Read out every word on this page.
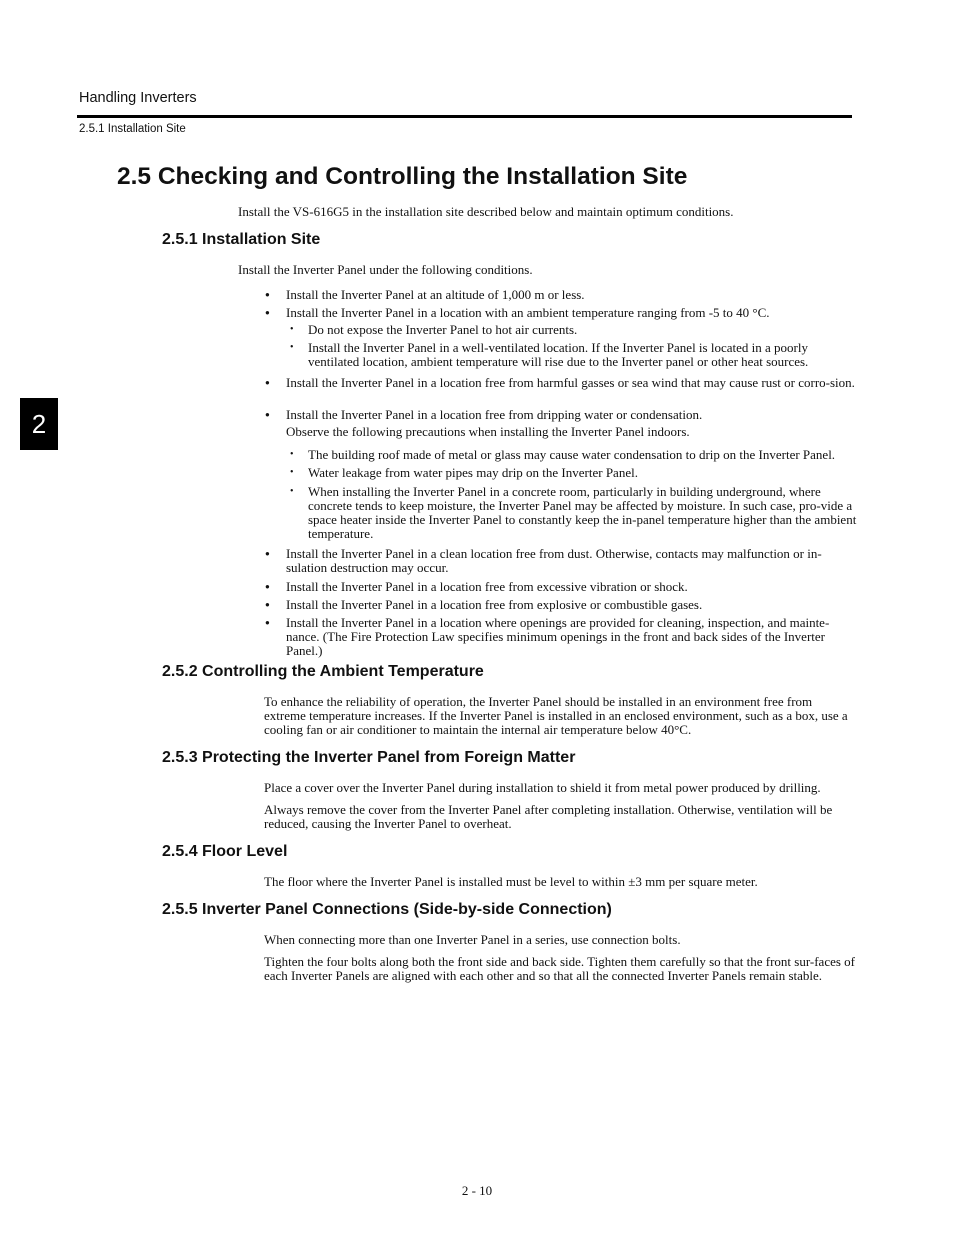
Handling Inverters
2.5.1 Installation Site
2
2.5 Checking and Controlling the Installation Site

Install the VS-616G5 in the installation site described below and maintain optimum conditions.

2.5.1 Installation Site

Install the Inverter Panel under the following conditions.

● Install the Inverter Panel at an altitude of 1,000 m or less.
● Install the Inverter Panel in a location with an ambient temperature ranging from -5 to 40 °C.
• Do not expose the Inverter Panel to hot air currents.
• Install the Inverter Panel in a well-ventilated location. If the Inverter Panel is located in a poorly ventilated location, ambient temperature will rise due to the Inverter panel or other heat sources.
● Install the Inverter Panel in a location free from harmful gasses or sea wind that may cause rust or corro-sion.
● Install the Inverter Panel in a location free from dripping water or condensation.

Observe the following precautions when installing the Inverter Panel indoors.

• The building roof made of metal or glass may cause water condensation to drip on the Inverter Panel.
• Water leakage from water pipes may drip on the Inverter Panel.
• When installing the Inverter Panel in a concrete room, particularly in building underground, where concrete tends to keep moisture, the Inverter Panel may be affected by moisture. In such case, pro-vide a space heater inside the Inverter Panel to constantly keep the in-panel temperature higher than the ambient temperature.
● Install the Inverter Panel in a clean location free from dust. Otherwise, contacts may malfunction or in-sulation destruction may occur.
● Install the Inverter Panel in a location free from excessive vibration or shock.
● Install the Inverter Panel in a location free from explosive or combustible gases.
● Install the Inverter Panel in a location where openings are provided for cleaning, inspection, and mainte-nance. (The Fire Protection Law specifies minimum openings in the front and back sides of the Inverter Panel.)
2.5.2 Controlling the Ambient Temperature

To enhance the reliability of operation, the Inverter Panel should be installed in an environment free from extreme temperature increases. If the Inverter Panel is installed in an enclosed environment, such as a box, use a cooling fan or air conditioner to maintain the internal air temperature below 40°C.

2.5.3 Protecting the Inverter Panel from Foreign Matter

Place a cover over the Inverter Panel during installation to shield it from metal power produced by drilling.

Always remove the cover from the Inverter Panel after completing installation. Otherwise, ventilation will be reduced, causing the Inverter Panel to overheat.

2.5.4 Floor Level

The floor where the Inverter Panel is installed must be level to within ±3 mm per square meter.

2.5.5 Inverter Panel Connections (Side-by-side Connection)

When connecting more than one Inverter Panel in a series, use connection bolts.

Tighten the four bolts along both the front side and back side. Tighten them carefully so that the front sur-faces of each Inverter Panels are aligned with each other and so that all the connected Inverter Panels remain stable.

2 - 10
